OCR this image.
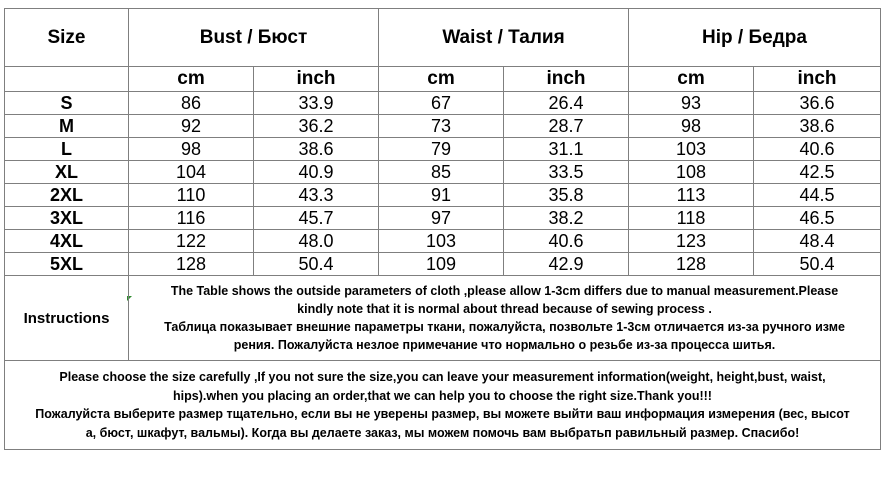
Size	Bust / Бюст		Waist / Талия		Hip / Бедра	
	cm	inch	cm	inch	cm	inch
S	86	33.9	67	26.4	93	36.6
M	92	36.2	73	28.7	98	38.6
L	98	38.6	79	31.1	103	40.6
XL	104	40.9	85	33.5	108	42.5
2XL	110	43.3	91	35.8	113	44.5
3XL	116	45.7	97	38.2	118	46.5
4XL	122	48.0	103	40.6	123	48.4
5XL	128	50.4	109	42.9	128	50.4
Instructions	The Table shows the outside parameters of cloth ,please allow 1-3cm differs due to manual measurement.Please
kindly note that it is normal about thread because of sewing process .
Таблица показывает внешние параметры ткани, пожалуйста, позвольте 1-3см отличается из-за ручного изме
рения. Пожалуйста незлое примечание что нормально о резьбе из-за процесса шитья.					

Please choose the size carefully ,If you not sure the size,you can leave your measurement information(weight, height,bust, waist,
hips).when you placing an order,that we can help you to choose the right size.Thank you!!!
Пожалуйста выберите размер тщательно, если вы не уверены размер, вы можете выйти ваш информация измерения (вес, высот
а, бюст, шкафут, вальмы). Когда вы делаете заказ, мы можем помочь вам выбратьп равильный размер. Спасибо!						
